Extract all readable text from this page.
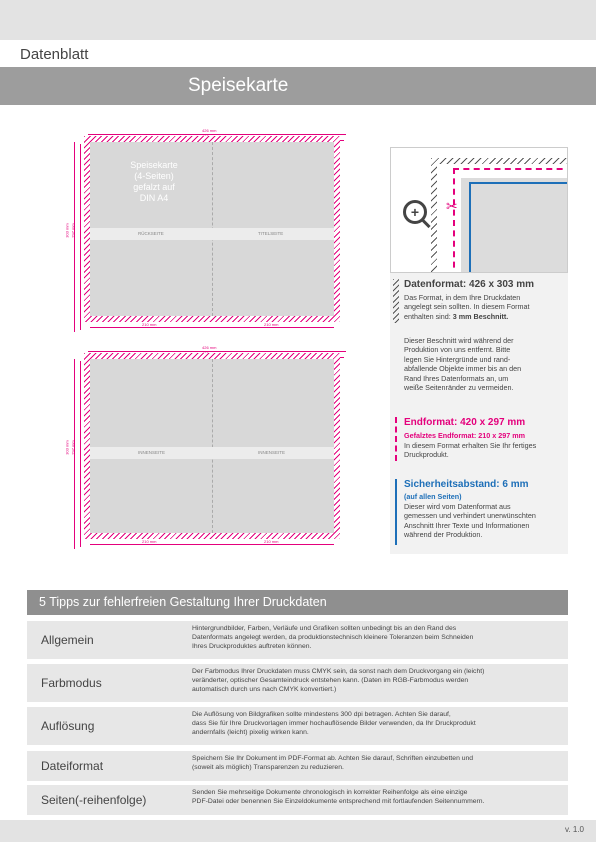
Datenblatt
Speisekarte
426 mm
303 mm 297 mm
Speisekarte
(4-Seiten)
gefalzt auf
DIN A4
RÜCKSEITE	TITELSEITE
210 mm	210 mm
426 mm
303 mm 297 mm	INNENSEITE	INNENSEITE
210 mm	210 mm
✂
+
Datenformat: 426 x 303 mm
Das Format, in dem Ihre Druckdaten
angelegt sein sollten. In diesem Format
enthalten sind: 3 mm Beschnitt.
Dieser Beschnitt wird während der
Produktion von uns entfernt. Bitte
legen Sie Hintergründe und rand-
abfallende Objekte immer bis an den
Rand Ihres Datenformats an, um
weiße Seitenränder zu vermeiden.
Endformat: 420 x 297 mm
Gefalztes Endformat: 210 x 297 mm
In diesem Format erhalten Sie Ihr fertiges
Druckprodukt.
Sicherheitsabstand: 6 mm
(auf allen Seiten)
Dieser wird vom Datenformat aus
gemessen und verhindert unerwünschten
Anschnitt Ihrer Texte und Informationen
während der Produktion.
5 Tipps zur fehlerfreien Gestaltung Ihrer Druckdaten
Allgemein
Hintergrundbilder, Farben, Verläufe und Grafiken sollten unbedingt bis an den Rand des
Datenformats angelegt werden, da produktionstechnisch kleinere Toleranzen beim Schneiden
Ihres Druckproduktes auftreten können.
Farbmodus
Der Farbmodus Ihrer Druckdaten muss CMYK sein, da sonst nach dem Druckvorgang ein (leicht)
veränderter, optischer Gesamteindruck entstehen kann. (Daten im RGB-Farbmodus werden
automatisch durch uns nach CMYK konvertiert.)
Auflösung
Die Auflösung von Bildgrafiken sollte mindestens 300 dpi betragen. Achten Sie darauf,
dass Sie für Ihre Druckvorlagen immer hochauflösende Bilder verwenden, da Ihr Druckprodukt
andernfalls (leicht) pixelig wirken kann.
Dateiformat
Speichern Sie Ihr Dokument im PDF-Format ab. Achten Sie darauf, Schriften einzubetten und
(soweit als möglich) Transparenzen zu reduzieren.
Seiten(-reihenfolge)
Senden Sie mehrseitige Dokumente chronologisch in korrekter Reihenfolge als eine einzige
PDF-Datei oder benennen Sie Einzeldokumente entsprechend mit fortlaufenden Seitennummern.
v. 1.0
